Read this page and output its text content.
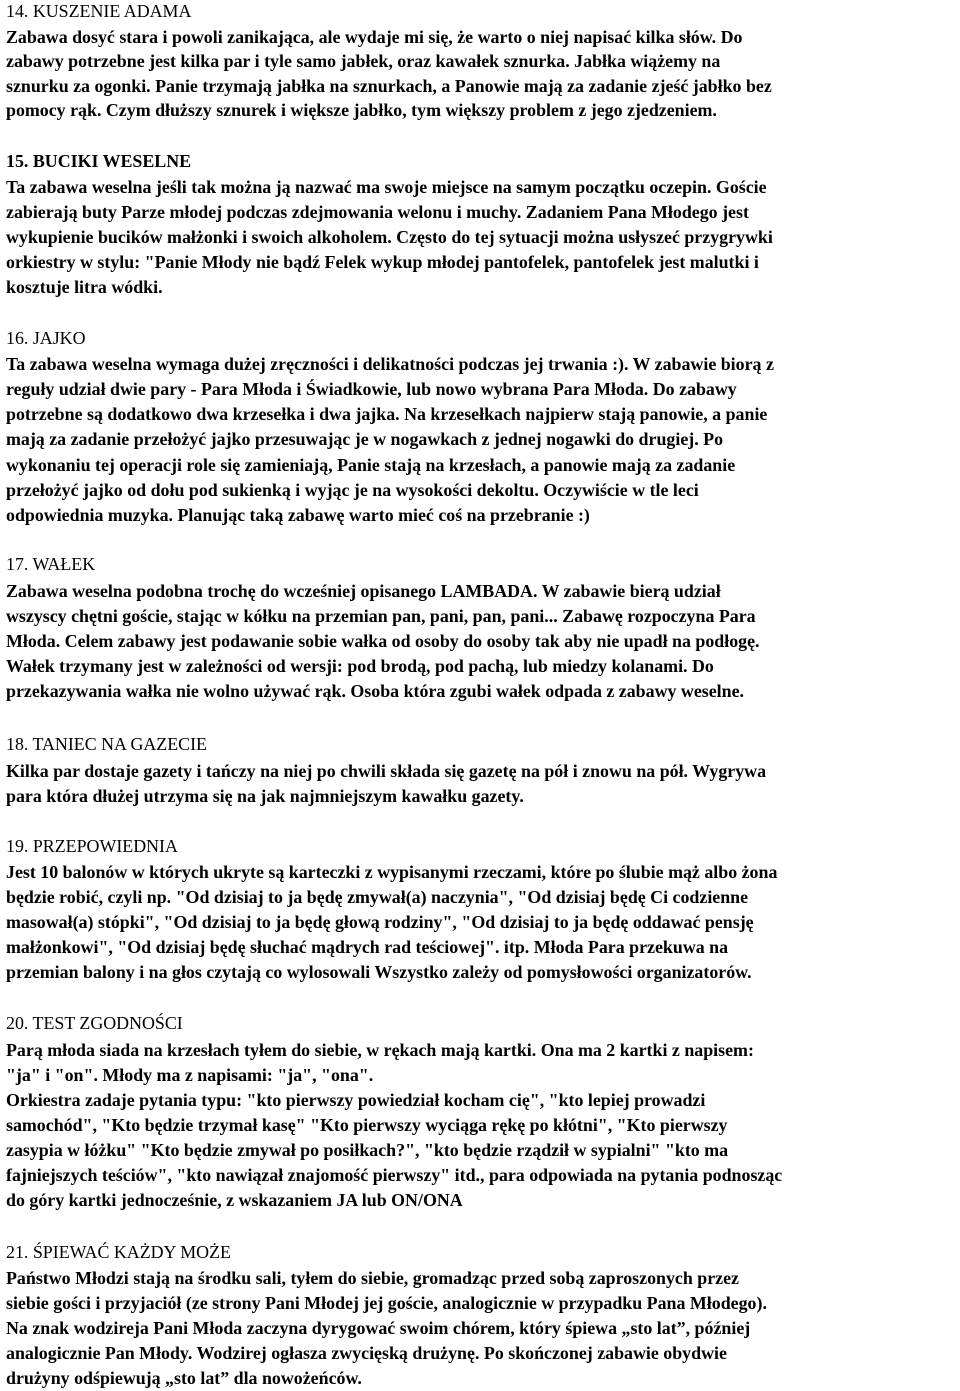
14. KUSZENIE ADAMA
Zabawa dosyć stara i powoli zanikająca, ale wydaje mi się, że warto o niej napisać kilka słów. Do
zabawy potrzebne jest kilka par i tyle samo jabłek, oraz kawałek sznurka. Jabłka wiążemy na
sznurku za ogonki. Panie trzymają jabłka na sznurkach, a Panowie mają za zadanie zjeść jabłko bez
pomocy rąk. Czym dłuższy sznurek i większe jabłko, tym większy problem z jego zjedzeniem.
15. BUCIKI WESELNE
Ta zabawa weselna jeśli tak można ją nazwać ma swoje miejsce na samym początku oczepin. Goście
zabierają buty Parze młodej podczas zdejmowania welonu i muchy. Zadaniem Pana Młodego jest
wykupienie bucików małżonki i swoich alkoholem. Często do tej sytuacji można usłyszeć przygrywki
orkiestry w stylu: "Panie Młody nie bądź Felek wykup młodej pantofelek, pantofelek jest malutki i
kosztuje litra wódki.
16. JAJKO
Ta zabawa weselna wymaga dużej zręczności i delikatności podczas jej trwania :). W zabawie biorą z
reguły udział dwie pary - Para Młoda i Świadkowie, lub nowo wybrana Para Młoda. Do zabawy
potrzebne są dodatkowo dwa krzesełka i dwa jajka. Na krzesełkach najpierw stają panowie, a panie
mają za zadanie przełożyć jajko przesuwając je w nogawkach z jednej nogawki do drugiej. Po
wykonaniu tej operacji role się zamieniają, Panie stają na krzesłach, a panowie mają za zadanie
przełożyć jajko od dołu pod sukienką i wyjąc je na wysokości dekoltu. Oczywiście w tle leci
odpowiednia muzyka. Planując taką zabawę warto mieć coś na przebranie :)
17. WAŁEK
Zabawa weselna podobna trochę do wcześniej opisanego LAMBADA. W zabawie bierą udział
wszyscy chętni goście, stając w kółku na przemian pan, pani, pan, pani... Zabawę rozpoczyna Para
Młoda. Celem zabawy jest podawanie sobie wałka od osoby do osoby tak aby nie upadł na podłogę.
Wałek trzymany jest w zależności od wersji: pod brodą, pod pachą, lub miedzy kolanami. Do
przekazywania wałka nie wolno używać rąk. Osoba która zgubi wałek odpada z zabawy weselne.
18. TANIEC NA GAZECIE
Kilka par dostaje gazety i tańczy na niej po chwili składa się gazetę na pół i znowu na pół. Wygrywa
para która dłużej utrzyma się na jak najmniejszym kawałku gazety.
19. PRZEPOWIEDNIA
Jest 10 balonów w których ukryte są karteczki z wypisanymi rzeczami, które po ślubie mąż albo żona
będzie robić, czyli np. "Od dzisiaj to ja będę zmywał(a) naczynia", "Od dzisiaj będę Ci codzienne
masował(a) stópki", "Od dzisiaj to ja będę głową rodziny", "Od dzisiaj to ja będę oddawać pensję
małżonkowi", "Od dzisiaj będę słuchać mądrych rad teściowej". itp. Młoda Para przekuwa na
przemian balony i na głos czytają co wylosowali Wszystko zależy od pomysłowości organizatorów.
20. TEST ZGODNOŚCI
Parą młoda siada na krzesłach tyłem do siebie, w rękach mają kartki. Ona ma 2 kartki z napisem:
"ja" i "on". Młody ma z napisami: "ja", "ona".
Orkiestra zadaje pytania typu: "kto pierwszy powiedział kocham cię", "kto lepiej prowadzi
samochód", "Kto będzie trzymał kasę" "Kto pierwszy wyciąga rękę po kłótni", "Kto pierwszy
zasypia w łóżku" "Kto będzie zmywał po posiłkach?", "kto będzie rządził w sypialni" "kto ma
fajniejszych teściów", "kto nawiązał znajomość pierwszy" itd., para odpowiada na pytania podnosząc
do góry kartki jednocześnie, z wskazaniem JA lub ON/ONA
21. ŚPIEWAĆ KAŻDY MOŻE
Państwo Młodzi stają na środku sali, tyłem do siebie, gromadząc przed sobą zaproszonych przez
siebie gości i przyjaciół (ze strony Pani Młodej jej goście, analogicznie w przypadku Pana Młodego).
Na znak wodzireja Pani Młoda zaczyna dyrygować swoim chórem, który śpiewa „sto lat”, później
analogicznie Pan Młody. Wodzirej ogłasza zwycięską drużynę. Po skończonej zabawie obydwie
drużyny odśpiewują „sto lat” dla nowożeńców.
